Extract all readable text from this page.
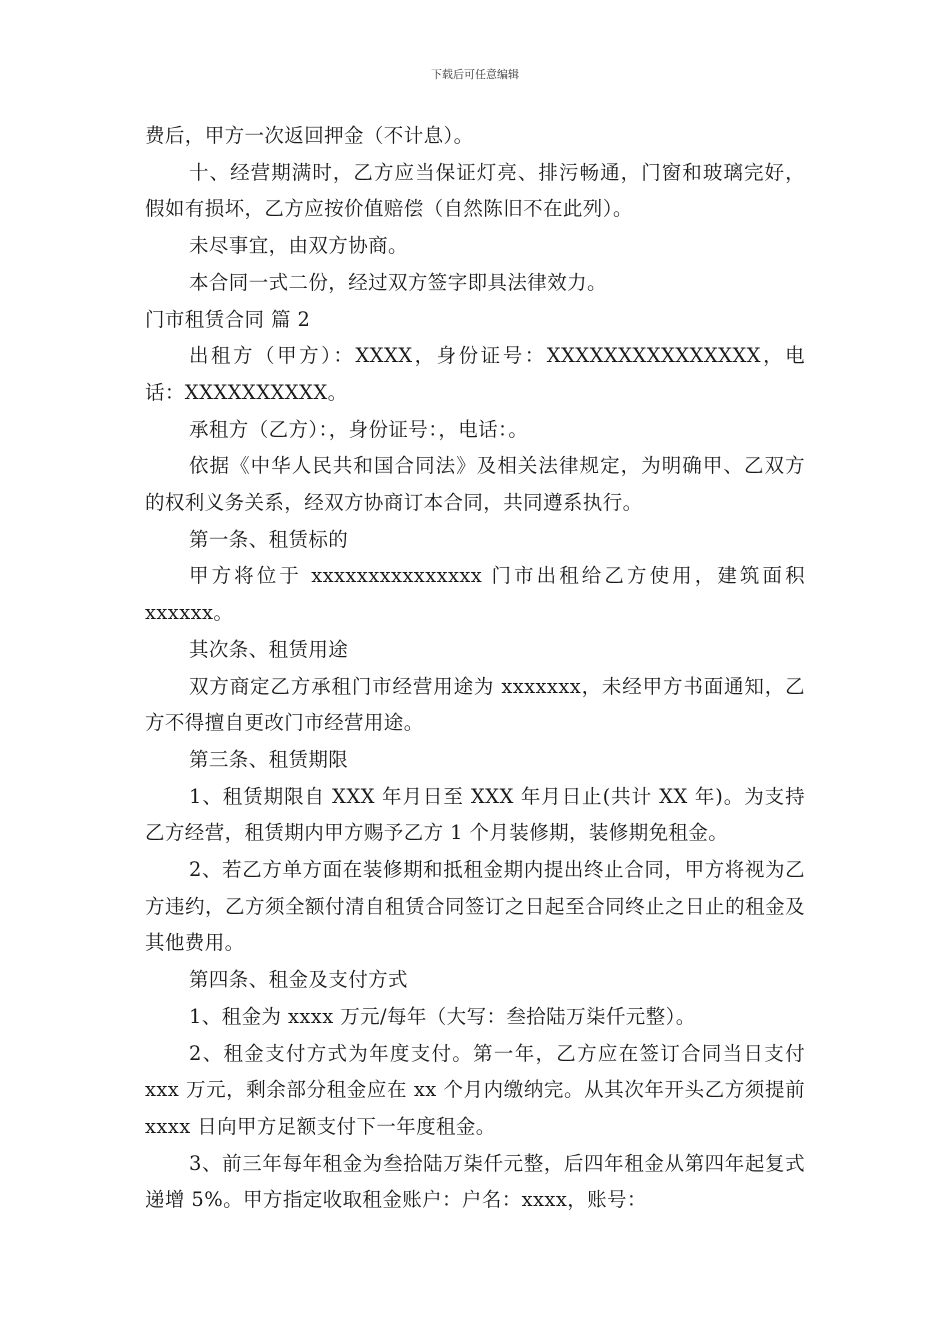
下载后可任意编辑

费后，甲方一次返回押金（不计息）。

十、经营期满时，乙方应当保证灯亮、排污畅通，门窗和玻璃完好，假如有损坏，乙方应按价值赔偿（自然陈旧不在此列）。

未尽事宜，由双方协商。

本合同一式二份，经过双方签字即具法律效力。

门市租赁合同 篇 2

出租方（甲方）：XXXX，身份证号：XXXXXXXXXXXXXXX，电话：XXXXXXXXXX。

承租方（乙方）：，身份证号：，电话：。

依据《中华人民共和国合同法》及相关法律规定，为明确甲、乙双方的权利义务关系，经双方协商订本合同，共同遵系执行。

第一条、租赁标的

甲方将位于 xxxxxxxxxxxxxxx 门市出租给乙方使用，建筑面积xxxxxx。

其次条、租赁用途

双方商定乙方承租门市经营用途为 xxxxxxx，未经甲方书面通知，乙方不得擅自更改门市经营用途。

第三条、租赁期限

1、租赁期限自 XXX 年月日至 XXX 年月日止(共计 XX 年)。为支持乙方经营，租赁期内甲方赐予乙方 1 个月装修期，装修期免租金。

2、若乙方单方面在装修期和抵租金期内提出终止合同，甲方将视为乙方违约，乙方须全额付清自租赁合同签订之日起至合同终止之日止的租金及其他费用。

第四条、租金及支付方式

1、租金为 xxxx 万元/每年（大写：叁拾陆万柒仟元整）。

2、租金支付方式为年度支付。第一年，乙方应在签订合同当日支付 xxx 万元，剩余部分租金应在 xx 个月内缴纳完。从其次年开头乙方须提前 xxxx 日向甲方足额支付下一年度租金。

3、前三年每年租金为叁拾陆万柒仟元整，后四年租金从第四年起复式递增 5%。甲方指定收取租金账户：户名：xxxx，账号：
